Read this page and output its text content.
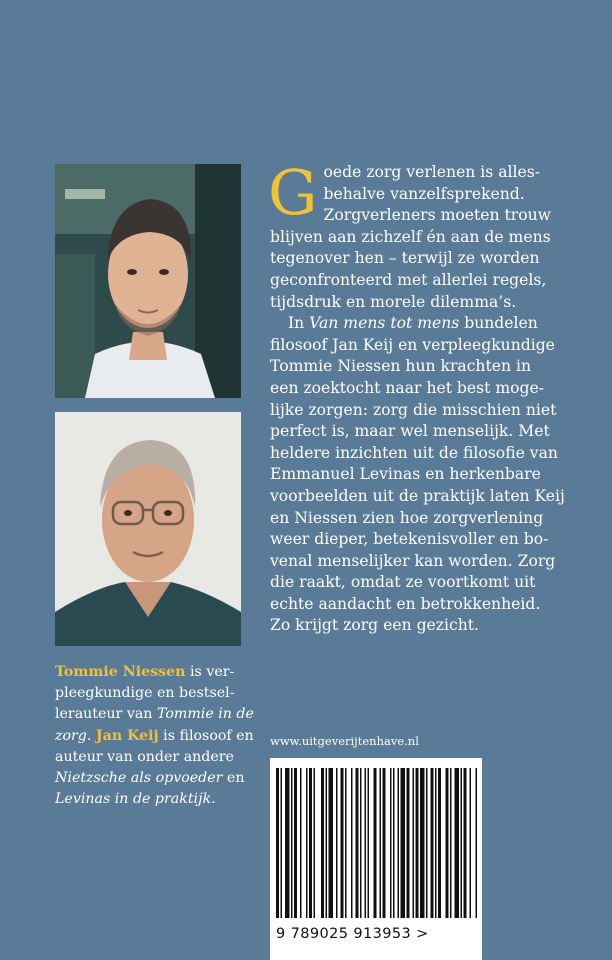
G oede zorg verlenen is alles-
behalve vanzelfsprekend.
Zorgverleners moeten trouw
blijven aan zichzelf én aan de mens
tegenover hen – terwijl ze worden
geconfronteerd met allerlei regels,
tijdsdruk en morele dilemma’s.

In Van mens tot mens bundelen
filosoof Jan Keij en verpleegkundige
Tommie Niessen hun krachten in
een zoektocht naar het best moge-
lijke zorgen: zorg die misschien niet
perfect is, maar wel menselijk. Met
heldere inzichten uit de filosofie van
Emmanuel Levinas en herkenbare
voorbeelden uit de praktijk laten Keij
en Niessen zien hoe zorgverlening
weer dieper, betekenisvoller en bo-
venal menselijker kan worden. Zorg
die raakt, omdat ze voortkomt uit
echte aandacht en betrokkenheid.
Zo krijgt zorg een gezicht.

Tommie Niessen is ver-
pleegkundige en bestsel-
lerauteur van Tommie in de
zorg. Jan Keij is filosoof en
auteur van onder andere
Nietzsche als opvoeder en
Levinas in de praktijk.
www.uitgeverijtenhave.nl
9 789025 913953 >
